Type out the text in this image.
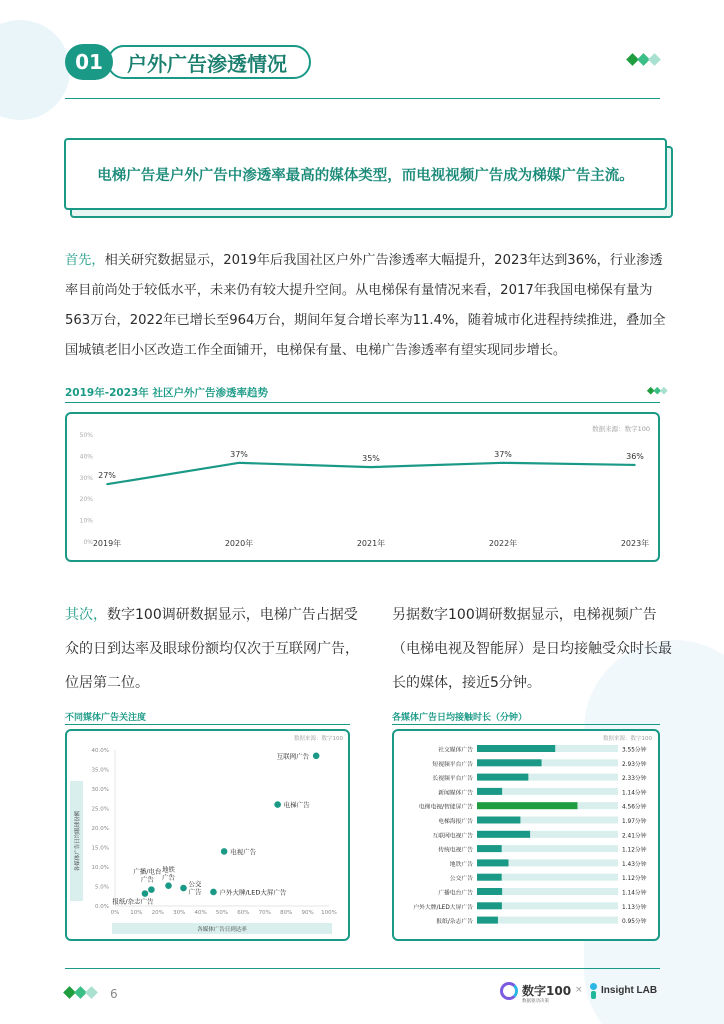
01	户外广告渗透情况
电梯广告是户外广告中渗透率最高的媒体类型，而电视视频广告成为梯媒广告主流。
首先，相关研究数据显示，2019年后我国社区户外广告渗透率大幅提升，2023年达到36%，行业渗透率目前尚处于较低水平，未来仍有较大提升空间。从电梯保有量情况来看，2017年我国电梯保有量为563万台，2022年已增长至964万台，期间年复合增长率为11.4%，随着城市化进程持续推进，叠加全国城镇老旧小区改造工作全面铺开，电梯保有量、电梯广告渗透率有望实现同步增长。
2019年-2023年 社区户外广告渗透率趋势
数据来源：数字100
0%
10%
20%
30%
40%
50%
27%
2019年
37%
2020年
35%
2021年
37%
2022年
36%
2023年
其次，数字100调研数据显示，电梯广告占据受众的日到达率及眼球份额均仅次于互联网广告，位居第二位。
另据数字100调研数据显示，电梯视频广告（电梯电视及智能屏）是日均接触受众时长最长的媒体，接近5分钟。
不同媒体广告关注度
数据来源：数字100
各媒体广告日均眼球份额
各媒体广告日到达率
0.0%
5.0%
10.0%
15.0%
20.0%
25.0%
30.0%
35.0%
40.0%
0% 10% 20% 30% 40% 50% 60% 70% 80% 90% 100%
互联网广告
电梯广告
电视广告
户外大牌/LED大屏广告
公交广告
地铁广告
广播/电台广告
报纸/杂志广告
各媒体广告日均接触时长（分钟）
数据来源：数字100
社交媒体广告	3.55分钟
短视频平台广告	2.93分钟
长视频平台广告	2.33分钟
新闻媒体广告	1.14分钟
电梯电视/智能屏广告	4.56分钟
电梯海报广告	1.97分钟
互联网电视广告	2.41分钟
传统电视广告	1.12分钟
地铁广告	1.43分钟
公交广告	1.12分钟
广播电台广告	1.14分钟
户外大牌/LED大屏广告	1.13分钟
报纸/杂志广告	0.95分钟
6	数字100
数据驱动决策
× Insight LAB
